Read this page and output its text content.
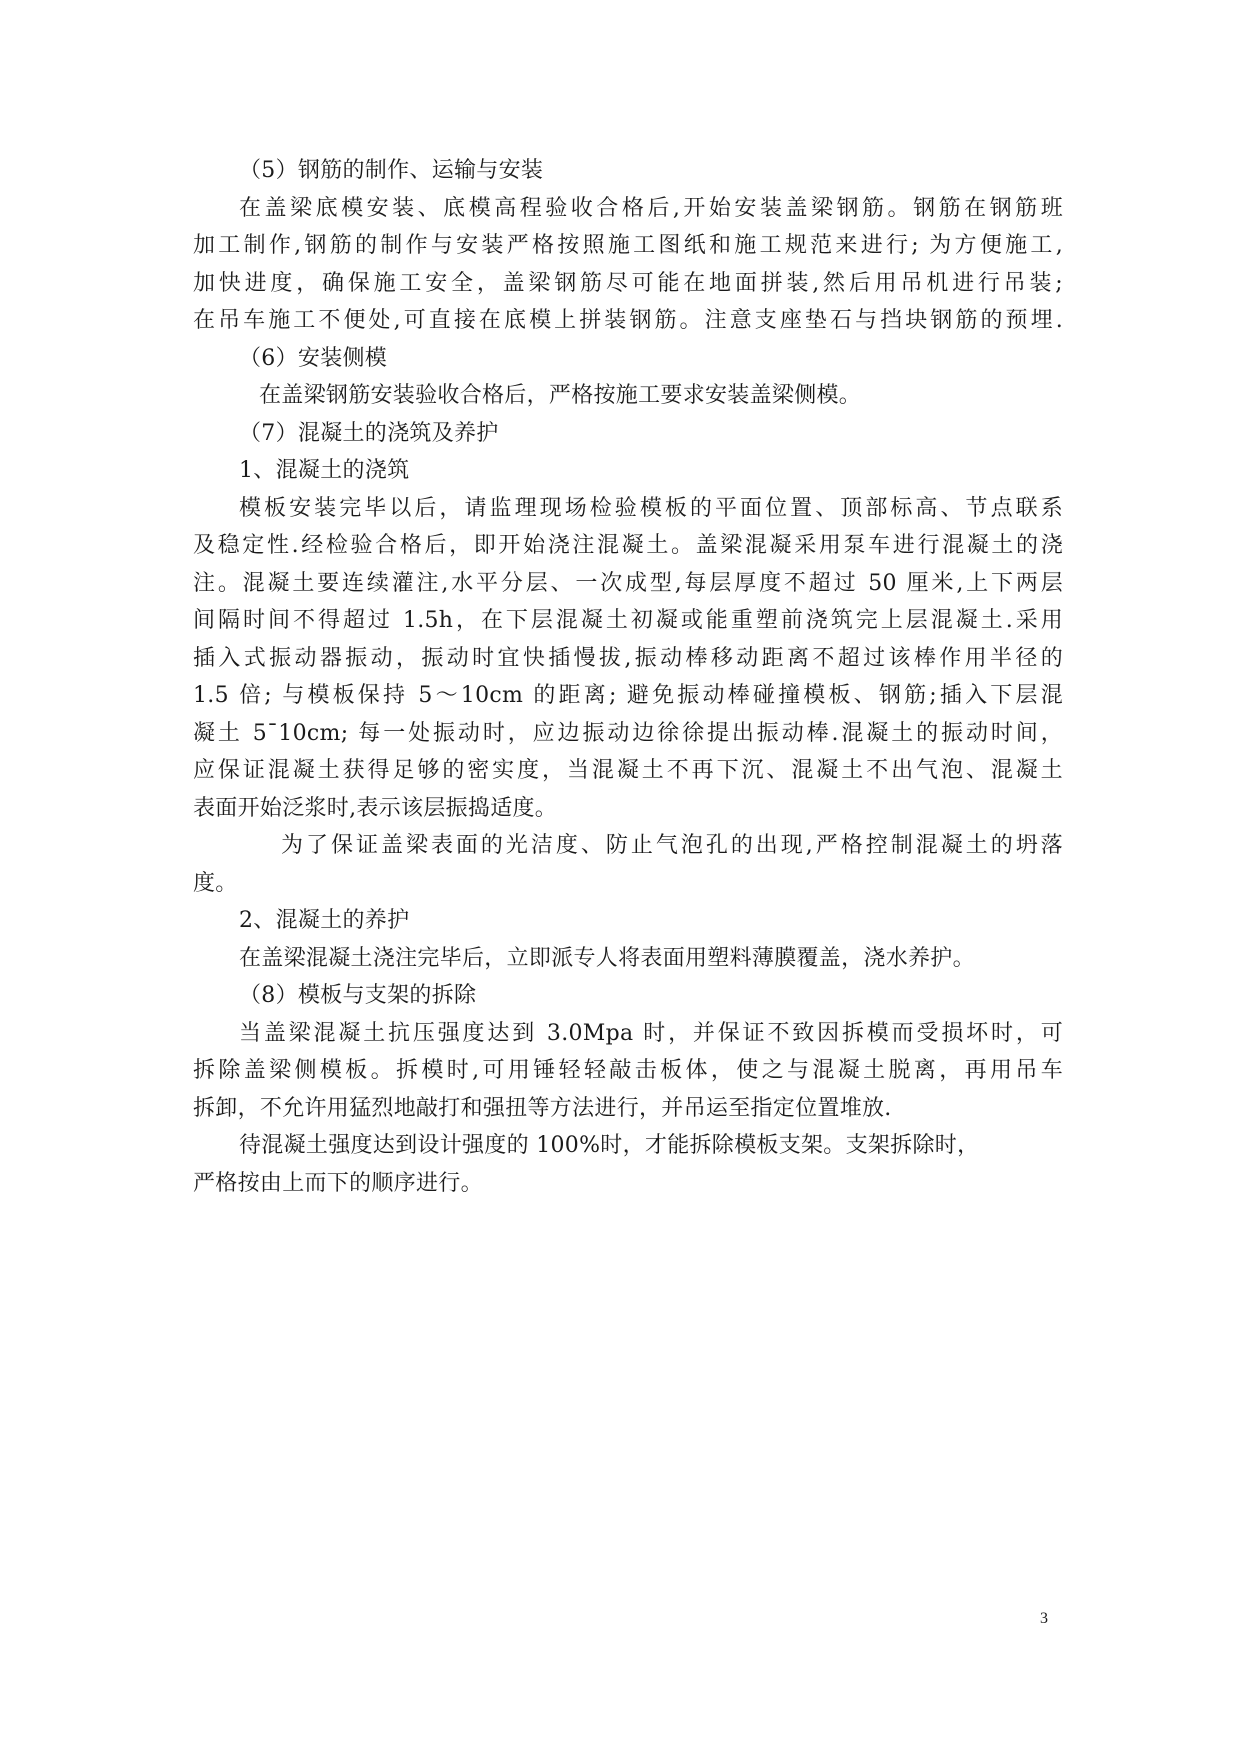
（5）钢筋的制作、运输与安装
在盖梁底模安装、底模高程验收合格后,开始安装盖梁钢筋。钢筋在钢筋班
加工制作,钢筋的制作与安装严格按照施工图纸和施工规范来进行; 为方便施工,
加快进度，确保施工安全，盖梁钢筋尽可能在地面拼装,然后用吊机进行吊装;
在吊车施工不便处,可直接在底模上拼装钢筋。注意支座垫石与挡块钢筋的预埋.
（6）安装侧模
在盖梁钢筋安装验收合格后，严格按施工要求安装盖梁侧模。
（7）混凝土的浇筑及养护
1、混凝土的浇筑
模板安装完毕以后，请监理现场检验模板的平面位置、顶部标高、节点联系
及稳定性.经检验合格后，即开始浇注混凝土。盖梁混凝采用泵车进行混凝土的浇
注。混凝土要连续灌注,水平分层、一次成型,每层厚度不超过 50 厘米,上下两层
间隔时间不得超过 1.5h，在下层混凝土初凝或能重塑前浇筑完上层混凝土.采用
插入式振动器振动，振动时宜快插慢拔,振动棒移动距离不超过该棒作用半径的
1.5 倍; 与模板保持 5～10cm 的距离; 避免振动棒碰撞模板、钢筋;插入下层混
凝土 5¯10cm; 每一处振动时，应边振动边徐徐提出振动棒.混凝土的振动时间，
应保证混凝土获得足够的密实度，当混凝土不再下沉、混凝土不出气泡、混凝土
表面开始泛浆时,表示该层振捣适度。
为了保证盖梁表面的光洁度、防止气泡孔的出现,严格控制混凝土的坍落
度。
2、混凝土的养护
在盖梁混凝土浇注完毕后，立即派专人将表面用塑料薄膜覆盖，浇水养护。
（8）模板与支架的拆除
当盖梁混凝土抗压强度达到 3.0Mpa 时，并保证不致因拆模而受损坏时，可
拆除盖梁侧模板。拆模时,可用锤轻轻敲击板体，使之与混凝土脱离，再用吊车
拆卸，不允许用猛烈地敲打和强扭等方法进行，并吊运至指定位置堆放.
待混凝土强度达到设计强度的 100%时，才能拆除模板支架。支架拆除时，
严格按由上而下的顺序进行。
3
